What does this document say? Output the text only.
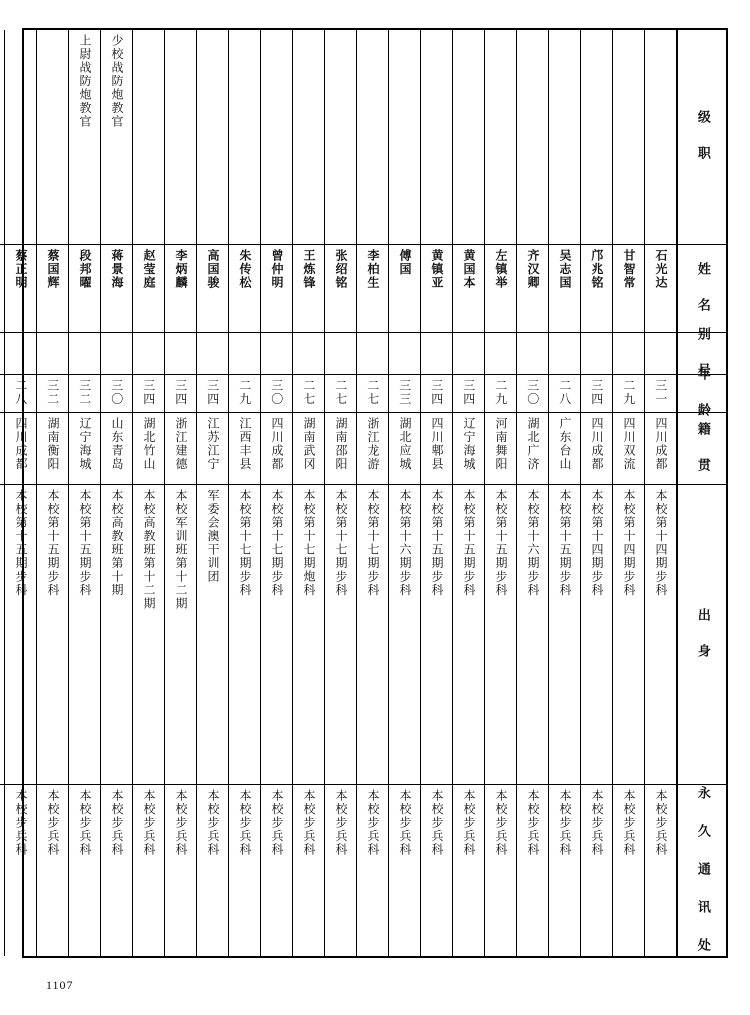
级　职
姓　名
别　号
年　龄
籍　贯
出　身
永 久 通 讯 处
石光达
三一
四川成都
本校第十四期步科
本校步兵科
甘智常
二九
四川双流
本校第十四期步科
本校步兵科
邝兆铭
三四
四川成都
本校第十四期步科
本校步兵科
吴志国
二八
广东台山
本校第十五期步科
本校步兵科
齐汉卿
三〇
湖北广济
本校第十六期步科
本校步兵科
左镇举
二九
河南舞阳
本校第十五期步科
本校步兵科
黄国本
三四
辽宁海城
本校第十五期步科
本校步兵科
黄镇亚
三四
四川郫县
本校第十五期步科
本校步兵科
傅国
三三
湖北应城
本校第十六期步科
本校步兵科
李柏生
二七
浙江龙游
本校第十七期步科
本校步兵科
张绍铭
二七
湖南邵阳
本校第十七期步科
本校步兵科
王炼锋
二七
湖南武冈
本校第十七期炮科
本校步兵科
曾仲明
三〇
四川成都
本校第十七期步科
本校步兵科
朱传松
二九
江西丰县
本校第十七期步科
本校步兵科
高国骏
三四
江苏江宁
军委会澳干训团
本校步兵科
李炳麟
三四
浙江建德
本校军训班第十二期
本校步兵科
赵莹庭
三四
湖北竹山
本校高教班第十二期
本校步兵科
少校战防炮教官
蒋景海
三〇
山东青岛
本校高教班第十期
本校步兵科
上尉战防炮教官
段邦曜
三二
辽宁海城
本校第十五期步科
本校步兵科
蔡国辉
三二
湖南衡阳
本校第十五期步科
本校步兵科
蔡正明
二八
四川成都
本校第十五期步科
本校步兵科
1107
